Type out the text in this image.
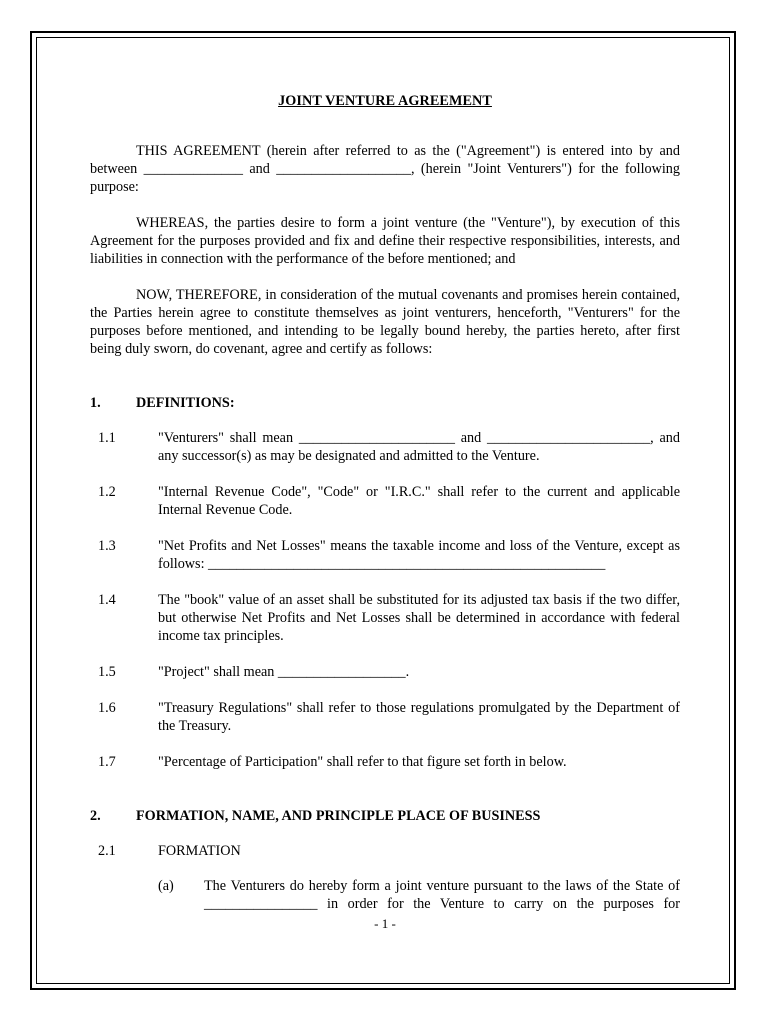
JOINT VENTURE AGREEMENT

THIS AGREEMENT (herein after referred to as the ("Agreement") is entered into by and between ______________ and ___________________, (herein "Joint Venturers") for the following purpose:

WHEREAS, the parties desire to form a joint venture (the "Venture"), by execution of this Agreement for the purposes provided and fix and define their respective responsibilities, interests, and liabilities in connection with the performance of the before mentioned; and

NOW, THEREFORE, in consideration of the mutual covenants and promises herein contained, the Parties herein agree to constitute themselves as joint venturers, henceforth, "Venturers" for the purposes before mentioned, and intending to be legally bound hereby, the parties hereto, after first being duly sworn, do covenant, agree and certify as follows:

1.	DEFINITIONS:
1.1	"Venturers" shall mean ______________________ and _______________________, and any successor(s) as may be designated and admitted to the Venture.
1.2	"Internal Revenue Code", "Code" or "I.R.C." shall refer to the current and applicable Internal Revenue Code.
1.3	"Net Profits and Net Losses" means the taxable income and loss of the Venture, except as follows: ________________________________________________________
1.4	The "book" value of an asset shall be substituted for its adjusted tax basis if the two differ, but otherwise Net Profits and Net Losses shall be determined in accordance with federal income tax principles.
1.5	"Project" shall mean __________________.
1.6	"Treasury Regulations" shall refer to those regulations promulgated by the Department of the Treasury.
1.7	"Percentage of Participation" shall refer to that figure set forth in below.
2.	FORMATION, NAME, AND PRINCIPLE PLACE OF BUSINESS
2.1	FORMATION
(a)	The Venturers do hereby form a joint venture pursuant to the laws of the State of ________________ in order for the Venture to carry on the purposes for
- 1 -
